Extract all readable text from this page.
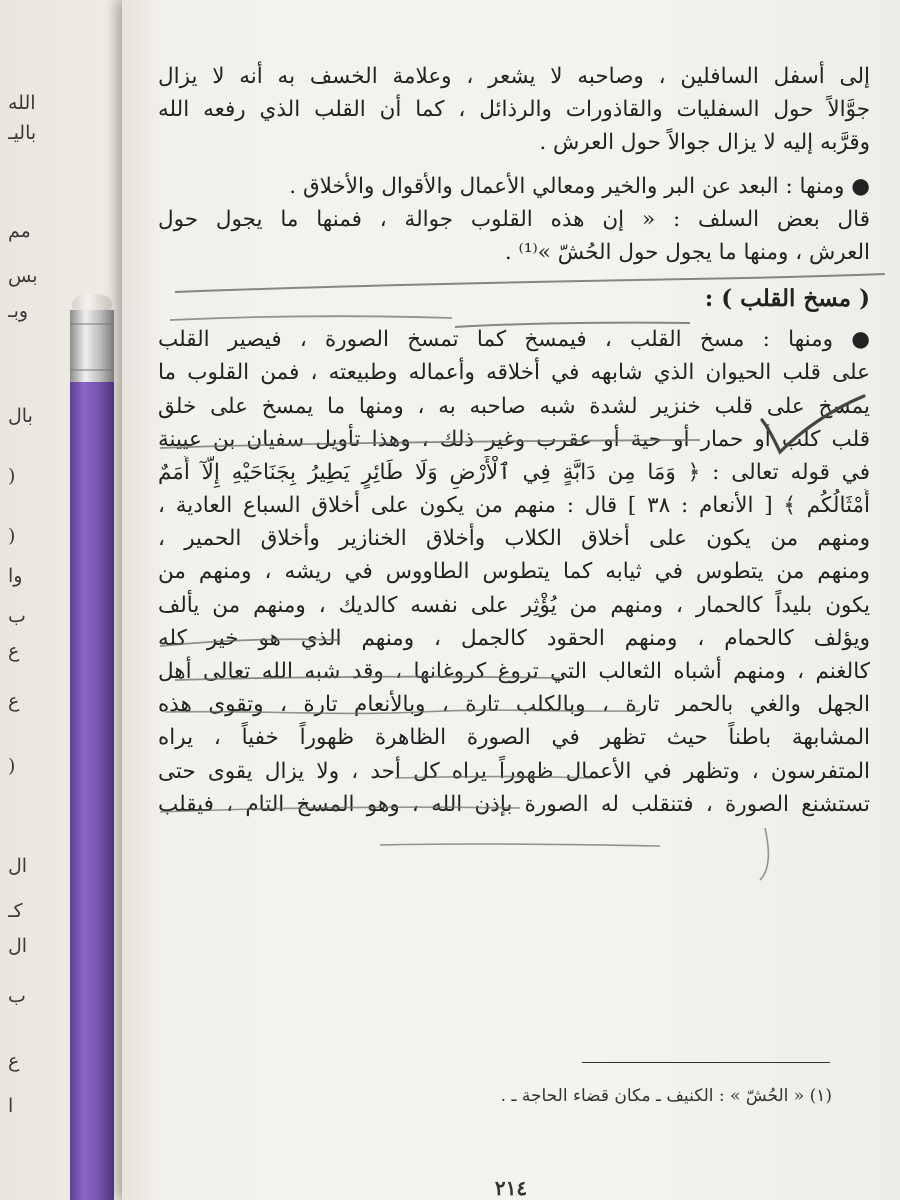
الله
باليـ
مم
بس
وبـ
بال
(
(
وا
ب
ع
ع
(
ال
كـ
ال
ب
ع
ا
إلى أسفل السافلين ، وصاحبه لا يشعر ، وعلامة الخسف به أنه لا يزال
جوَّالاً حول السفليات والقاذورات والرذائل ، كما أن القلب الذي رفعه الله
وقرَّبه إليه لا يزال جوالاً حول العرش .
● ومنها : البعد عن البر والخير ومعالي الأعمال والأقوال والأخلاق .
قال بعض السلف : « إن هذه القلوب جوالة ، فمنها ما يجول حول
العرش ، ومنها ما يجول حول الحُشّ »⁽¹⁾ .
( مسخ القلب ) :
● ومنها : مسخ القلب ، فيمسخ كما تمسخ الصورة ، فيصير القلب
على قلب الحيوان الذي شابهه في أخلاقه وأعماله وطبيعته ، فمن القلوب ما
يمسخ على قلب خنزير لشدة شبه صاحبه به ، ومنها ما يمسخ على خلق
قلب كلب أو حمار أو حية أو عقرب وغير ذلك ، وهذا تأويل سفيان بن عيينة
في قوله تعالى : ﴿ وَمَا مِن دَابَّةٍ فِي ٱلْأَرْضِ وَلَا طَائِرٍ يَطِيرُ بِجَنَاحَيْهِ إِلَّآ أُمَمٌ
أَمْثَالُكُم ﴾ [ الأنعام : ٣٨ ] قال : منهم من يكون على أخلاق السباع العادية ،
ومنهم من يكون على أخلاق الكلاب وأخلاق الخنازير وأخلاق الحمير ،
ومنهم من يتطوس في ثيابه كما يتطوس الطاووس في ريشه ، ومنهم من
يكون بليداً كالحمار ، ومنهم من يُؤْثِر على نفسه كالديك ، ومنهم من يألف
ويؤلف كالحمام ، ومنهم الحقود كالجمل ، ومنهم الذي هو خير كله
كالغنم ، ومنهم أشباه الثعالب التي تروغ كروغانها ، وقد شبه الله تعالى أهل
الجهل والغي بالحمر تارة ، وبالكلب تارة ، وبالأنعام تارة ، وتقوى هذه
المشابهة باطناً حيث تظهر في الصورة الظاهرة ظهوراً خفياً ، يراه
المتفرسون ، وتظهر في الأعمال ظهوراً يراه كل أحد ، ولا يزال يقوى حتى
تستشنع الصورة ، فتنقلب له الصورة بإذن الله ، وهو المسخ التام ، فيقلب
(١) « الحُشّ » : الكنيف ـ مكان قضاء الحاجة ـ .
٢١٤
